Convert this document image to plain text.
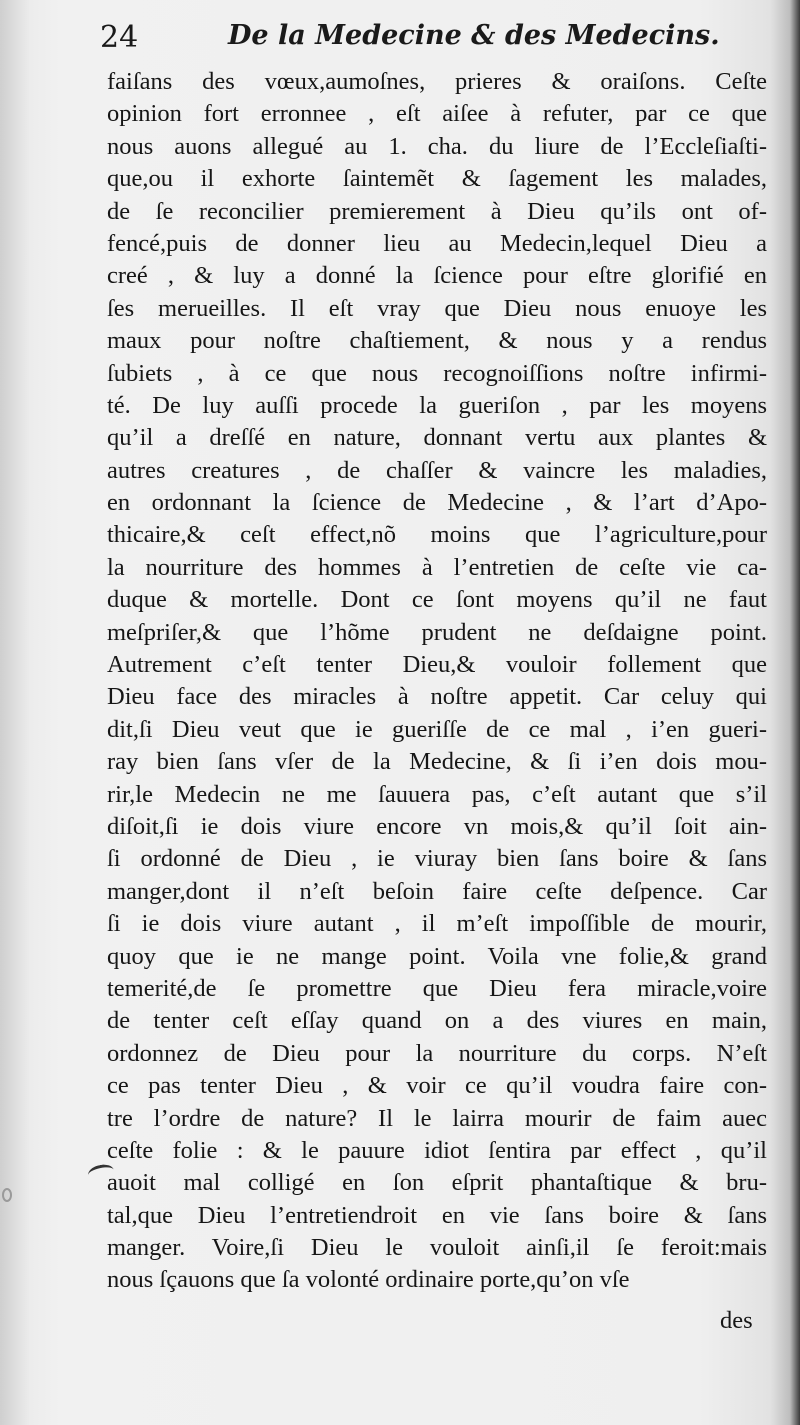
24	De la Medecine & des Medecins.
faiſans des vœux,aumoſnes, prieres & oraiſons. Ceſte
opinion fort erronnee , eſt aiſee à refuter, par ce que
nous auons allegué au 1. cha. du liure de l’Eccleſiaſti-
que,ou il exhorte ſaintemẽt & ſagement les malades,
de ſe reconcilier premierement à Dieu qu’ils ont of-
fencé,puis de donner lieu au Medecin,lequel Dieu a
creé , & luy a donné la ſcience pour eſtre glorifié en
ſes merueilles. Il eſt vray que Dieu nous enuoye les
maux pour noſtre chaſtiement, & nous y a rendus
ſubiets , à ce que nous recognoiſſions noſtre infirmi-
té. De luy auſſi procede la gueriſon , par les moyens
qu’il a dreſſé en nature, donnant vertu aux plantes &
autres creatures , de chaſſer & vaincre les maladies,
en ordonnant la ſcience de Medecine , & l’art d’Apo-
thicaire,& ceſt effect,nõ moins que l’agriculture,pour
la nourriture des hommes à l’entretien de ceſte vie ca-
duque & mortelle. Dont ce ſont moyens qu’il ne faut
meſpriſer,& que l’hõme prudent ne deſdaigne point.
Autrement c’eſt tenter Dieu,& vouloir follement que
Dieu face des miracles à noſtre appetit. Car celuy qui
dit,ſi Dieu veut que ie gueriſſe de ce mal , i’en gueri-
ray bien ſans vſer de la Medecine, & ſi i’en dois mou-
rir,le Medecin ne me ſauuera pas, c’eſt autant que s’il
diſoit,ſi ie dois viure encore vn mois,& qu’il ſoit ain-
ſi ordonné de Dieu , ie viuray bien ſans boire & ſans
manger,dont il n’eſt beſoin faire ceſte deſpence. Car
ſi ie dois viure autant , il m’eſt impoſſible de mourir,
quoy que ie ne mange point. Voila vne folie,& grand
temerité,de ſe promettre que Dieu fera miracle,voire
de tenter ceſt eſſay quand on a des viures en main,
ordonnez de Dieu pour la nourriture du corps. N’eſt
ce pas tenter Dieu , & voir ce qu’il voudra faire con-
tre l’ordre de nature? Il le lairra mourir de faim auec
ceſte folie : & le pauure idiot ſentira par effect , qu’il
auoit mal colligé en ſon eſprit phantaſtique & bru-
tal,que Dieu l’entretiendroit en vie ſans boire & ſans
manger. Voire,ſi Dieu le vouloit ainſi,il ſe feroit:mais
nous ſçauons que ſa volonté ordinaire porte,qu’on vſe
des
